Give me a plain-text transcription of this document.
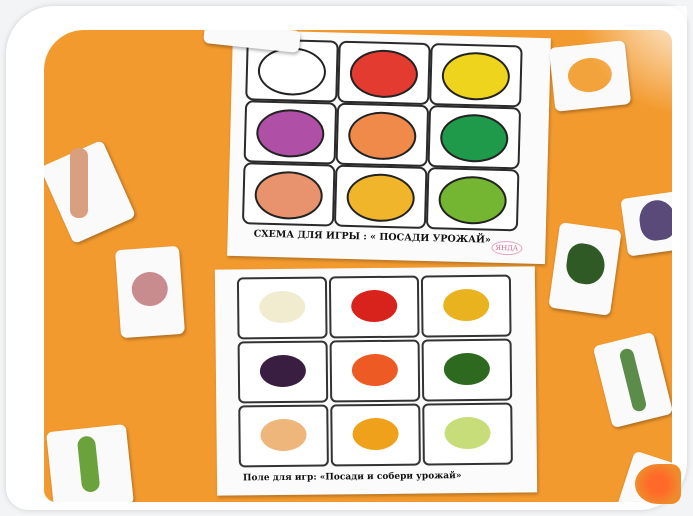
СХЕМА ДЛЯ ИГРЫ : « ПОСАДИ УРОЖАЙ»
ЯНДА
Поле для игр: «Посади и собери урожай»
